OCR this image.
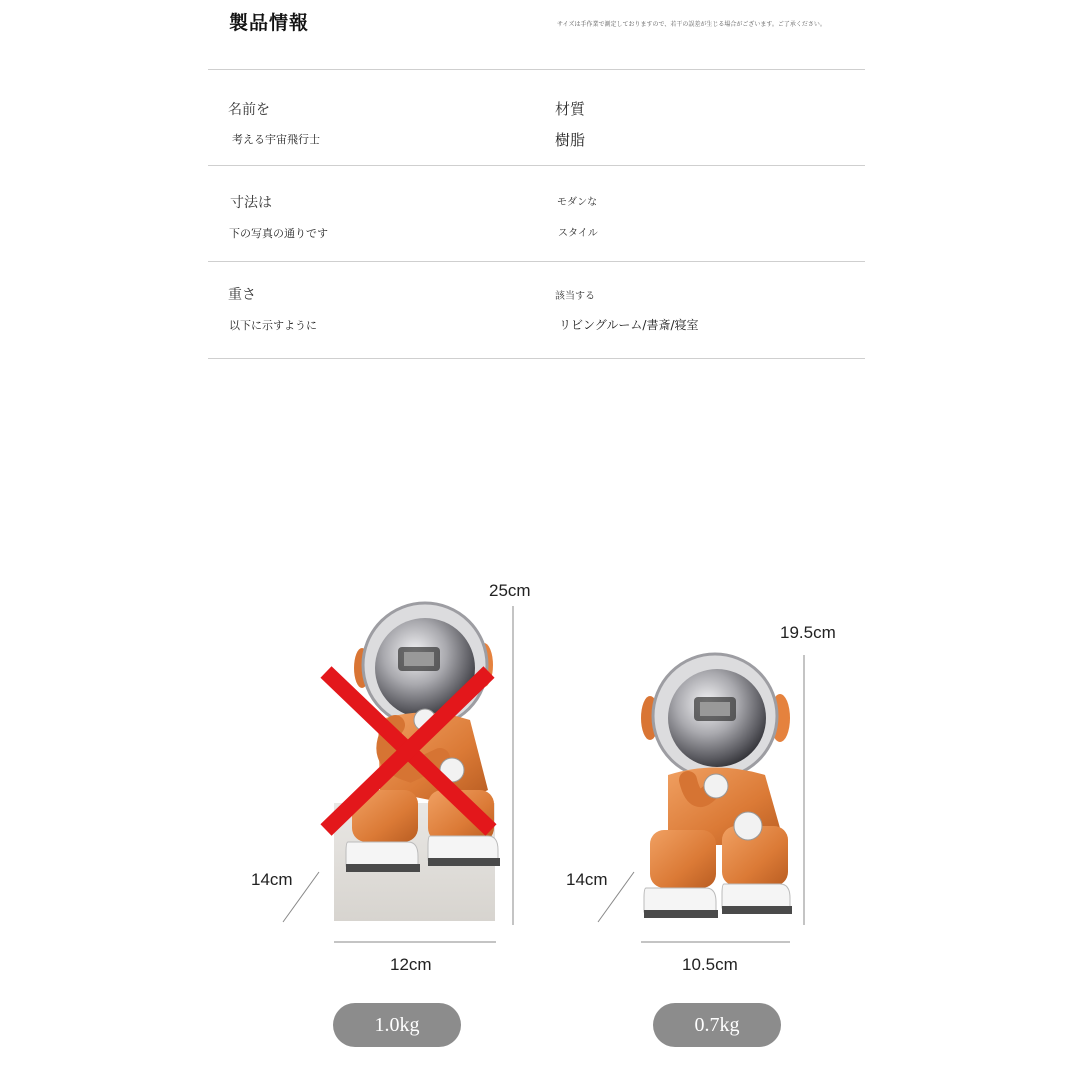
製品情報	サイズは手作業で測定しておりますので、若干の誤差が生じる場合がございます。ご了承ください。
名前を
考える宇宙飛行士
材質
樹脂
寸法は
下の写真の通りです
モダンな
スタイル
重さ
以下に示すように
該当する
リビングルーム/書斎/寝室
25cm
14cm
12cm
19.5cm
14cm
10.5cm
1.0kg	0.7kg
